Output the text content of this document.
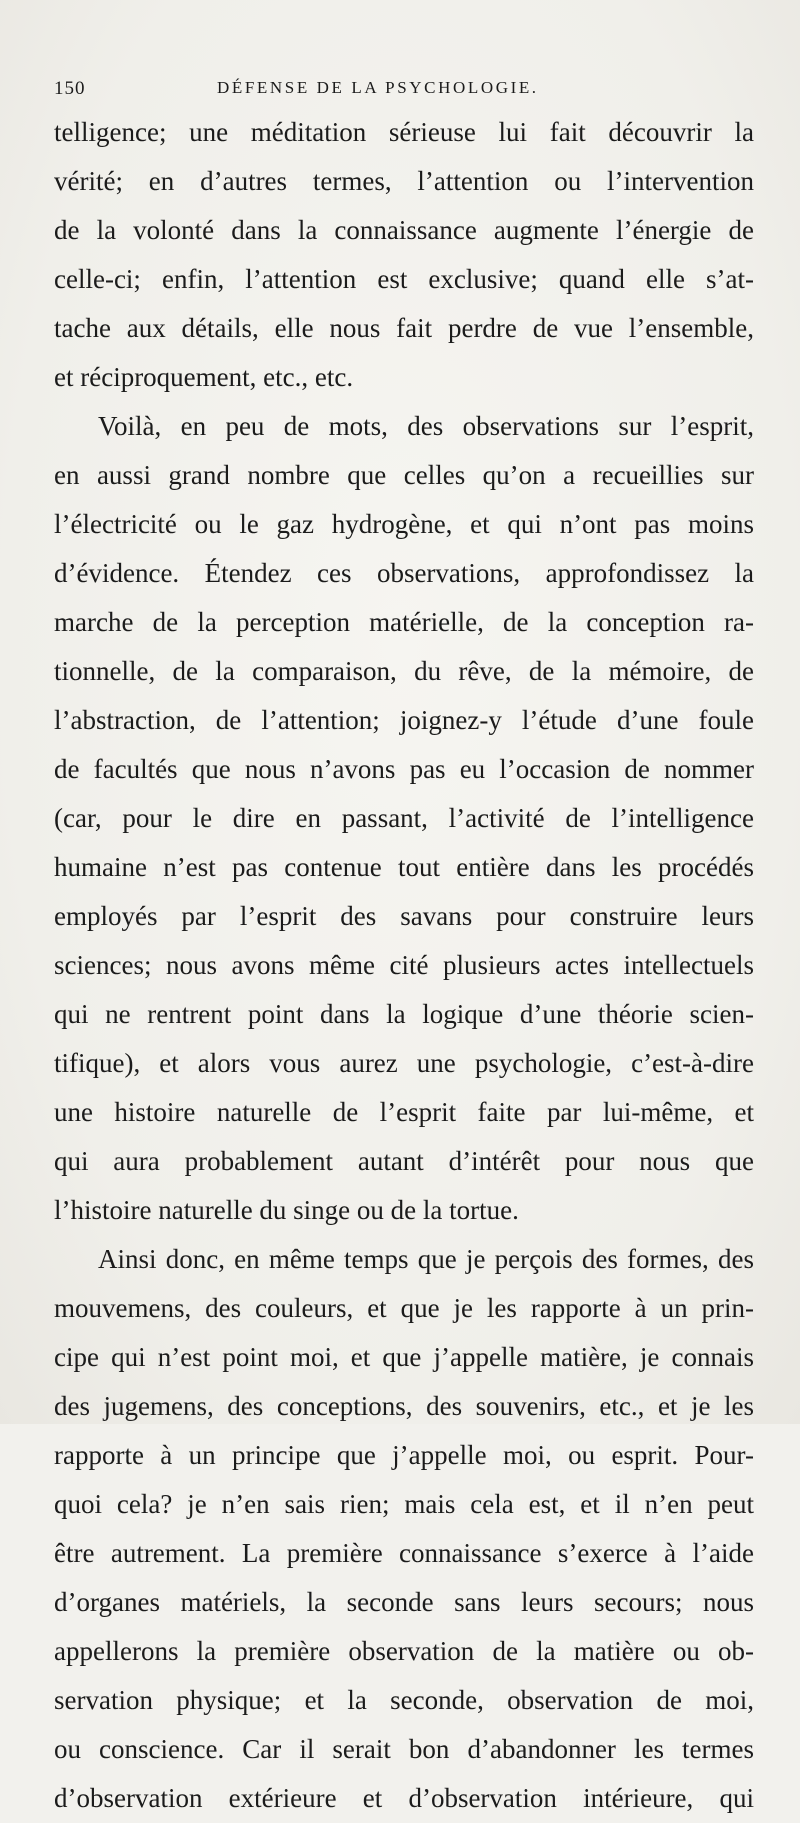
150	DÉFENSE DE LA PSYCHOLOGIE.
telligence; une méditation sérieuse lui fait découvrir la
vérité; en d’autres termes, l’attention ou l’intervention
de la volonté dans la connaissance augmente l’énergie de
celle-ci; enfin, l’attention est exclusive; quand elle s’at-
tache aux détails, elle nous fait perdre de vue l’ensemble,
et réciproquement, etc., etc.
Voilà, en peu de mots, des observations sur l’esprit,
en aussi grand nombre que celles qu’on a recueillies sur
l’électricité ou le gaz hydrogène, et qui n’ont pas moins
d’évidence. Étendez ces observations, approfondissez la
marche de la perception matérielle, de la conception ra-
tionnelle, de la comparaison, du rêve, de la mémoire, de
l’abstraction, de l’attention; joignez-y l’étude d’une foule
de facultés que nous n’avons pas eu l’occasion de nommer
(car, pour le dire en passant, l’activité de l’intelligence
humaine n’est pas contenue tout entière dans les procédés
employés par l’esprit des savans pour construire leurs
sciences; nous avons même cité plusieurs actes intellectuels
qui ne rentrent point dans la logique d’une théorie scien-
tifique), et alors vous aurez une psychologie, c’est-à-dire
une histoire naturelle de l’esprit faite par lui-même, et
qui aura probablement autant d’intérêt pour nous que
l’histoire naturelle du singe ou de la tortue.
Ainsi donc, en même temps que je perçois des formes, des
mouvemens, des couleurs, et que je les rapporte à un prin-
cipe qui n’est point moi, et que j’appelle matière, je connais
des jugemens, des conceptions, des souvenirs, etc., et je les
rapporte à un principe que j’appelle moi, ou esprit. Pour-
quoi cela? je n’en sais rien; mais cela est, et il n’en peut
être autrement. La première connaissance s’exerce à l’aide
d’organes matériels, la seconde sans leurs secours; nous
appellerons la première observation de la matière ou ob-
servation physique; et la seconde, observation de moi,
ou conscience. Car il serait bon d’abandonner les termes
d’observation extérieure et d’observation intérieure, qui
